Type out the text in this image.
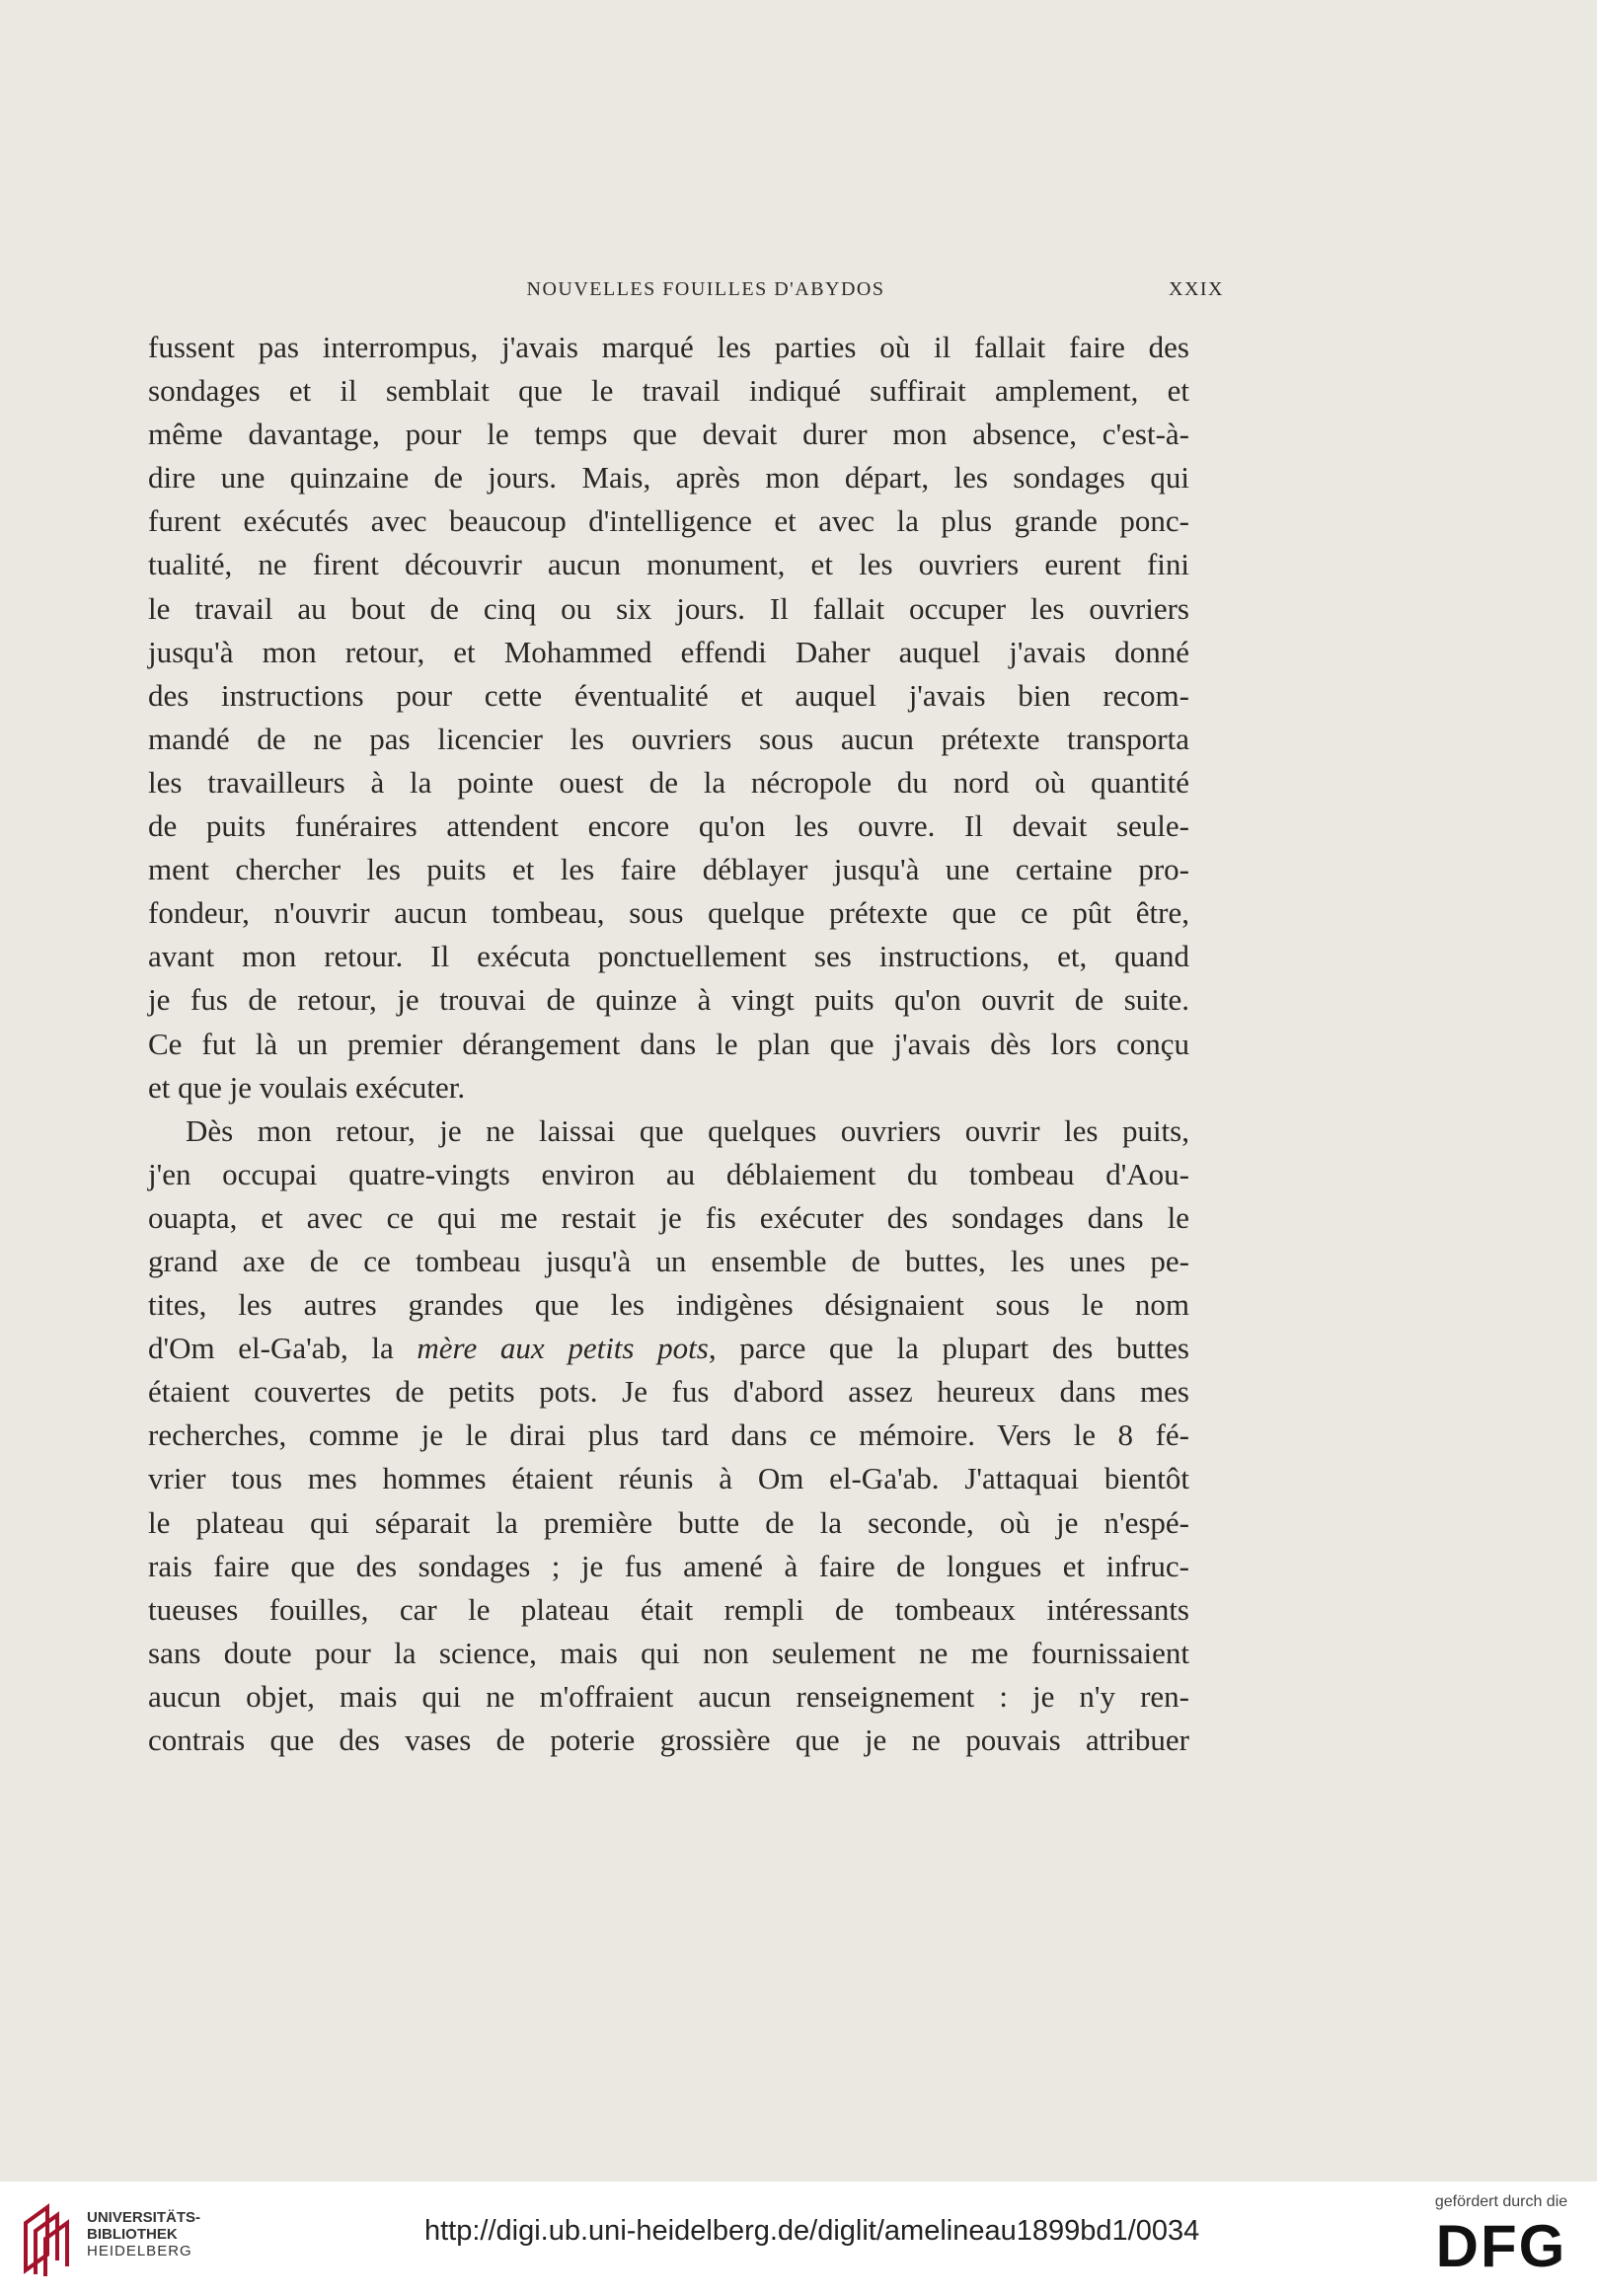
NOUVELLES FOUILLES D'ABYDOS	XXIX
fussent pas interrompus, j'avais marqué les parties où il fallait faire des
sondages et il semblait que le travail indiqué suffirait amplement, et
même davantage, pour le temps que devait durer mon absence, c'est-à-
dire une quinzaine de jours. Mais, après mon départ, les sondages qui
furent exécutés avec beaucoup d'intelligence et avec la plus grande ponc-
tualité, ne firent découvrir aucun monument, et les ouvriers eurent fini
le travail au bout de cinq ou six jours. Il fallait occuper les ouvriers
jusqu'à mon retour, et Mohammed effendi Daher auquel j'avais donné
des instructions pour cette éventualité et auquel j'avais bien recom-
mandé de ne pas licencier les ouvriers sous aucun prétexte transporta
les travailleurs à la pointe ouest de la nécropole du nord où quantité
de puits funéraires attendent encore qu'on les ouvre. Il devait seule-
ment chercher les puits et les faire déblayer jusqu'à une certaine pro-
fondeur, n'ouvrir aucun tombeau, sous quelque prétexte que ce pût être,
avant mon retour. Il exécuta ponctuellement ses instructions, et, quand
je fus de retour, je trouvai de quinze à vingt puits qu'on ouvrit de suite.
Ce fut là un premier dérangement dans le plan que j'avais dès lors conçu
et que je voulais exécuter.
Dès mon retour, je ne laissai que quelques ouvriers ouvrir les puits,
j'en occupai quatre-vingts environ au déblaiement du tombeau d'Aou-
ouapta, et avec ce qui me restait je fis exécuter des sondages dans le
grand axe de ce tombeau jusqu'à un ensemble de buttes, les unes pe-
tites, les autres grandes que les indigènes désignaient sous le nom
d'Om el-Ga'ab, la mère aux petits pots, parce que la plupart des buttes
étaient couvertes de petits pots. Je fus d'abord assez heureux dans mes
recherches, comme je le dirai plus tard dans ce mémoire. Vers le 8 fé-
vrier tous mes hommes étaient réunis à Om el-Ga'ab. J'attaquai bientôt
le plateau qui séparait la première butte de la seconde, où je n'espé-
rais faire que des sondages ; je fus amené à faire de longues et infruc-
tueuses fouilles, car le plateau était rempli de tombeaux intéressants
sans doute pour la science, mais qui non seulement ne me fournissaient
aucun objet, mais qui ne m'offraient aucun renseignement : je n'y ren-
contrais que des vases de poterie grossière que je ne pouvais attribuer
UNIVERSITÄTS-
BIBLIOTHEK
HEIDELBERG
http://digi.ub.uni-heidelberg.de/diglit/amelineau1899bd1/0034
gefördert durch die
DFG
